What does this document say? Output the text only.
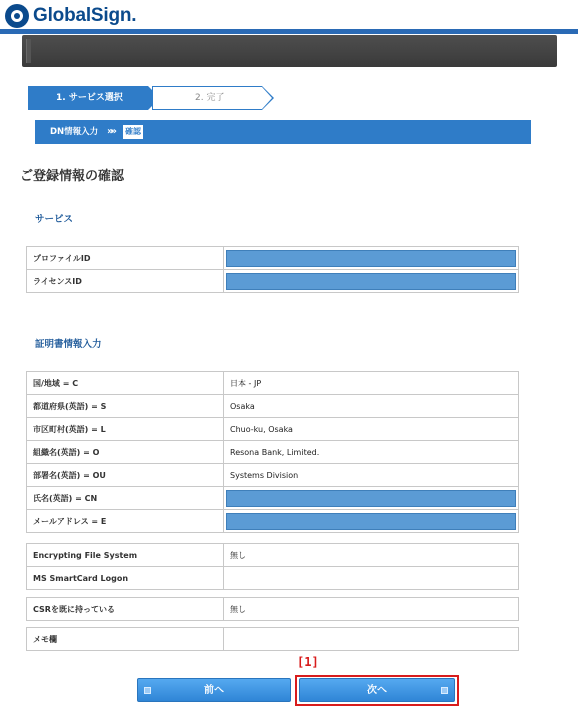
GlobalSign.
1. サービス選択	2. 完了
DN情報入力 »» 確認
ご登録情報の確認
サービス
プロファイルID	

ライセンスID	
証明書情報入力
国/地域 = C	日本 - JP
都道府県(英語) = S	Osaka
市区町村(英語) = L	Chuo-ku, Osaka
組織名(英語) = O	Resona Bank, Limited.
部署名(英語) = OU	Systems Division
氏名(英語) = CN	

メールアドレス = E	
Encrypting File System	無し
MS SmartCard Logon	
CSRを既に持っている	無し
メモ欄	
[1]
前へ	次へ
